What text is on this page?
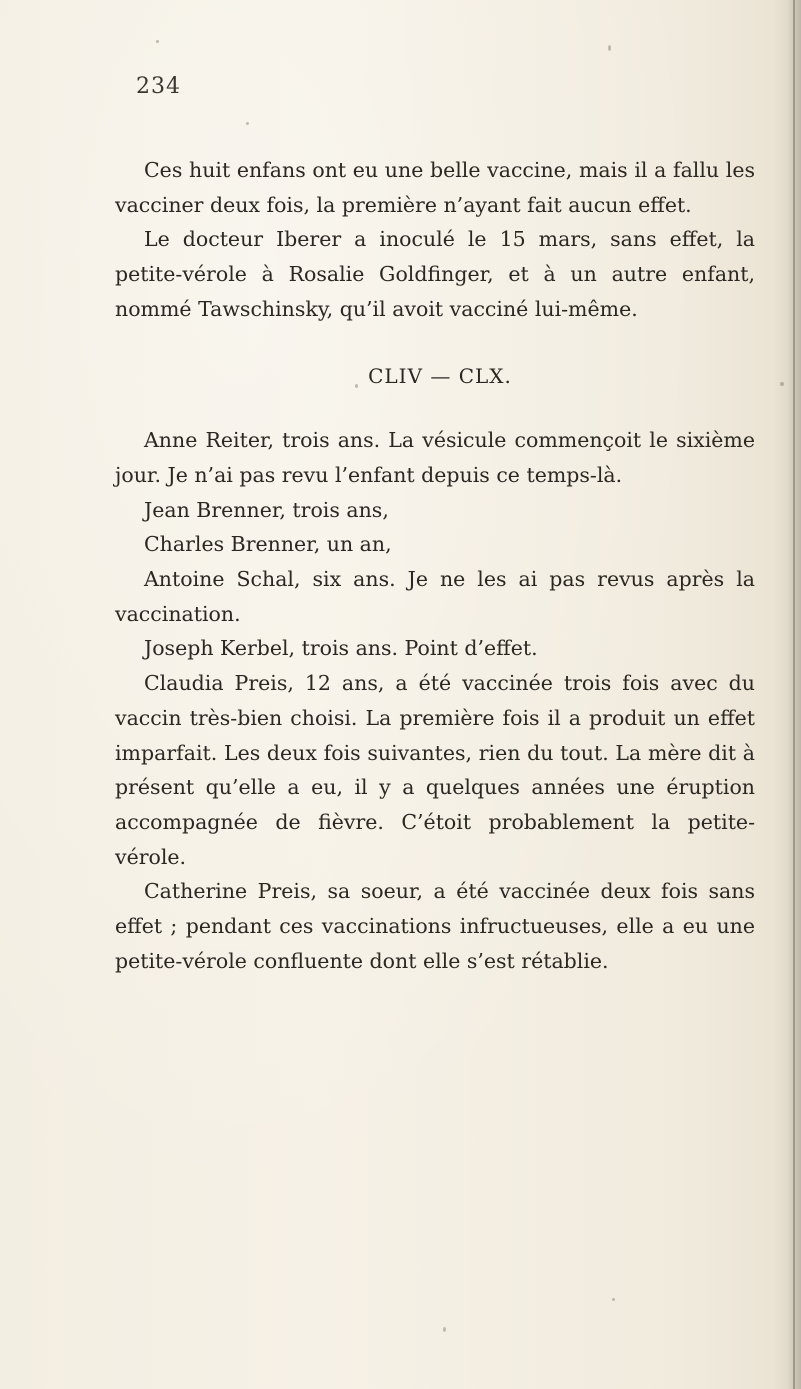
234

Ces huit enfans ont eu une belle vaccine, mais il a fallu les vacciner deux fois, la première n’ayant fait aucun effet.

Le docteur Iberer a inoculé le 15 mars, sans effet, la petite-vérole à Rosalie Goldfinger, et à un autre enfant, nommé Tawschinsky, qu’il avoit vacciné lui-même.

CLIV — CLX.

Anne Reiter, trois ans. La vésicule commençoit le sixième jour. Je n’ai pas revu l’enfant depuis ce temps-là.

Jean Brenner, trois ans,

Charles Brenner, un an,

Antoine Schal, six ans. Je ne les ai pas revus après la vaccination.

Joseph Kerbel, trois ans. Point d’effet.

Claudia Preis, 12 ans, a été vaccinée trois fois avec du vaccin très-bien choisi. La première fois il a produit un effet imparfait. Les deux fois suivantes, rien du tout. La mère dit à présent qu’elle a eu, il y a quelques années une éruption accompagnée de fièvre. C’étoit probablement la petite-vérole.

Catherine Preis, sa soeur, a été vaccinée deux fois sans effet ; pendant ces vaccinations infructueuses, elle a eu une petite-vérole confluente dont elle s’est rétablie.
